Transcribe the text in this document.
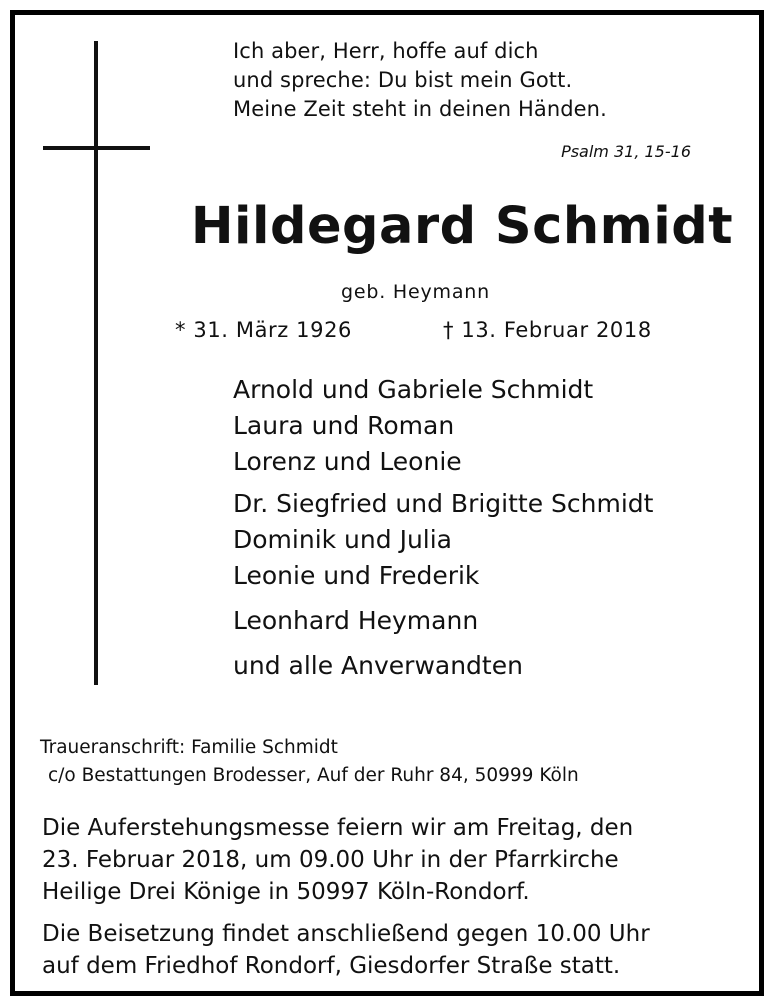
Ich aber, Herr, hoffe auf dich
und spreche: Du bist mein Gott.
Meine Zeit steht in deinen Händen.
Psalm 31, 15-16
Hildegard Schmidt
geb. Heymann
* 31. März 1926	† 13. Februar 2018
Arnold und Gabriele Schmidt
Laura und Roman
Lorenz und Leonie
Dr. Siegfried und Brigitte Schmidt
Dominik und Julia
Leonie und Frederik
Leonhard Heymann
und alle Anverwandten
Traueranschrift: Familie Schmidt
c/o Bestattungen Brodesser, Auf der Ruhr 84, 50999 Köln
Die Auferstehungsmesse feiern wir am Freitag, den
23. Februar 2018, um 09.00 Uhr in der Pfarrkirche
Heilige Drei Könige in 50997 Köln-Rondorf.
Die Beisetzung findet anschließend gegen 10.00 Uhr
auf dem Friedhof Rondorf, Giesdorfer Straße statt.
